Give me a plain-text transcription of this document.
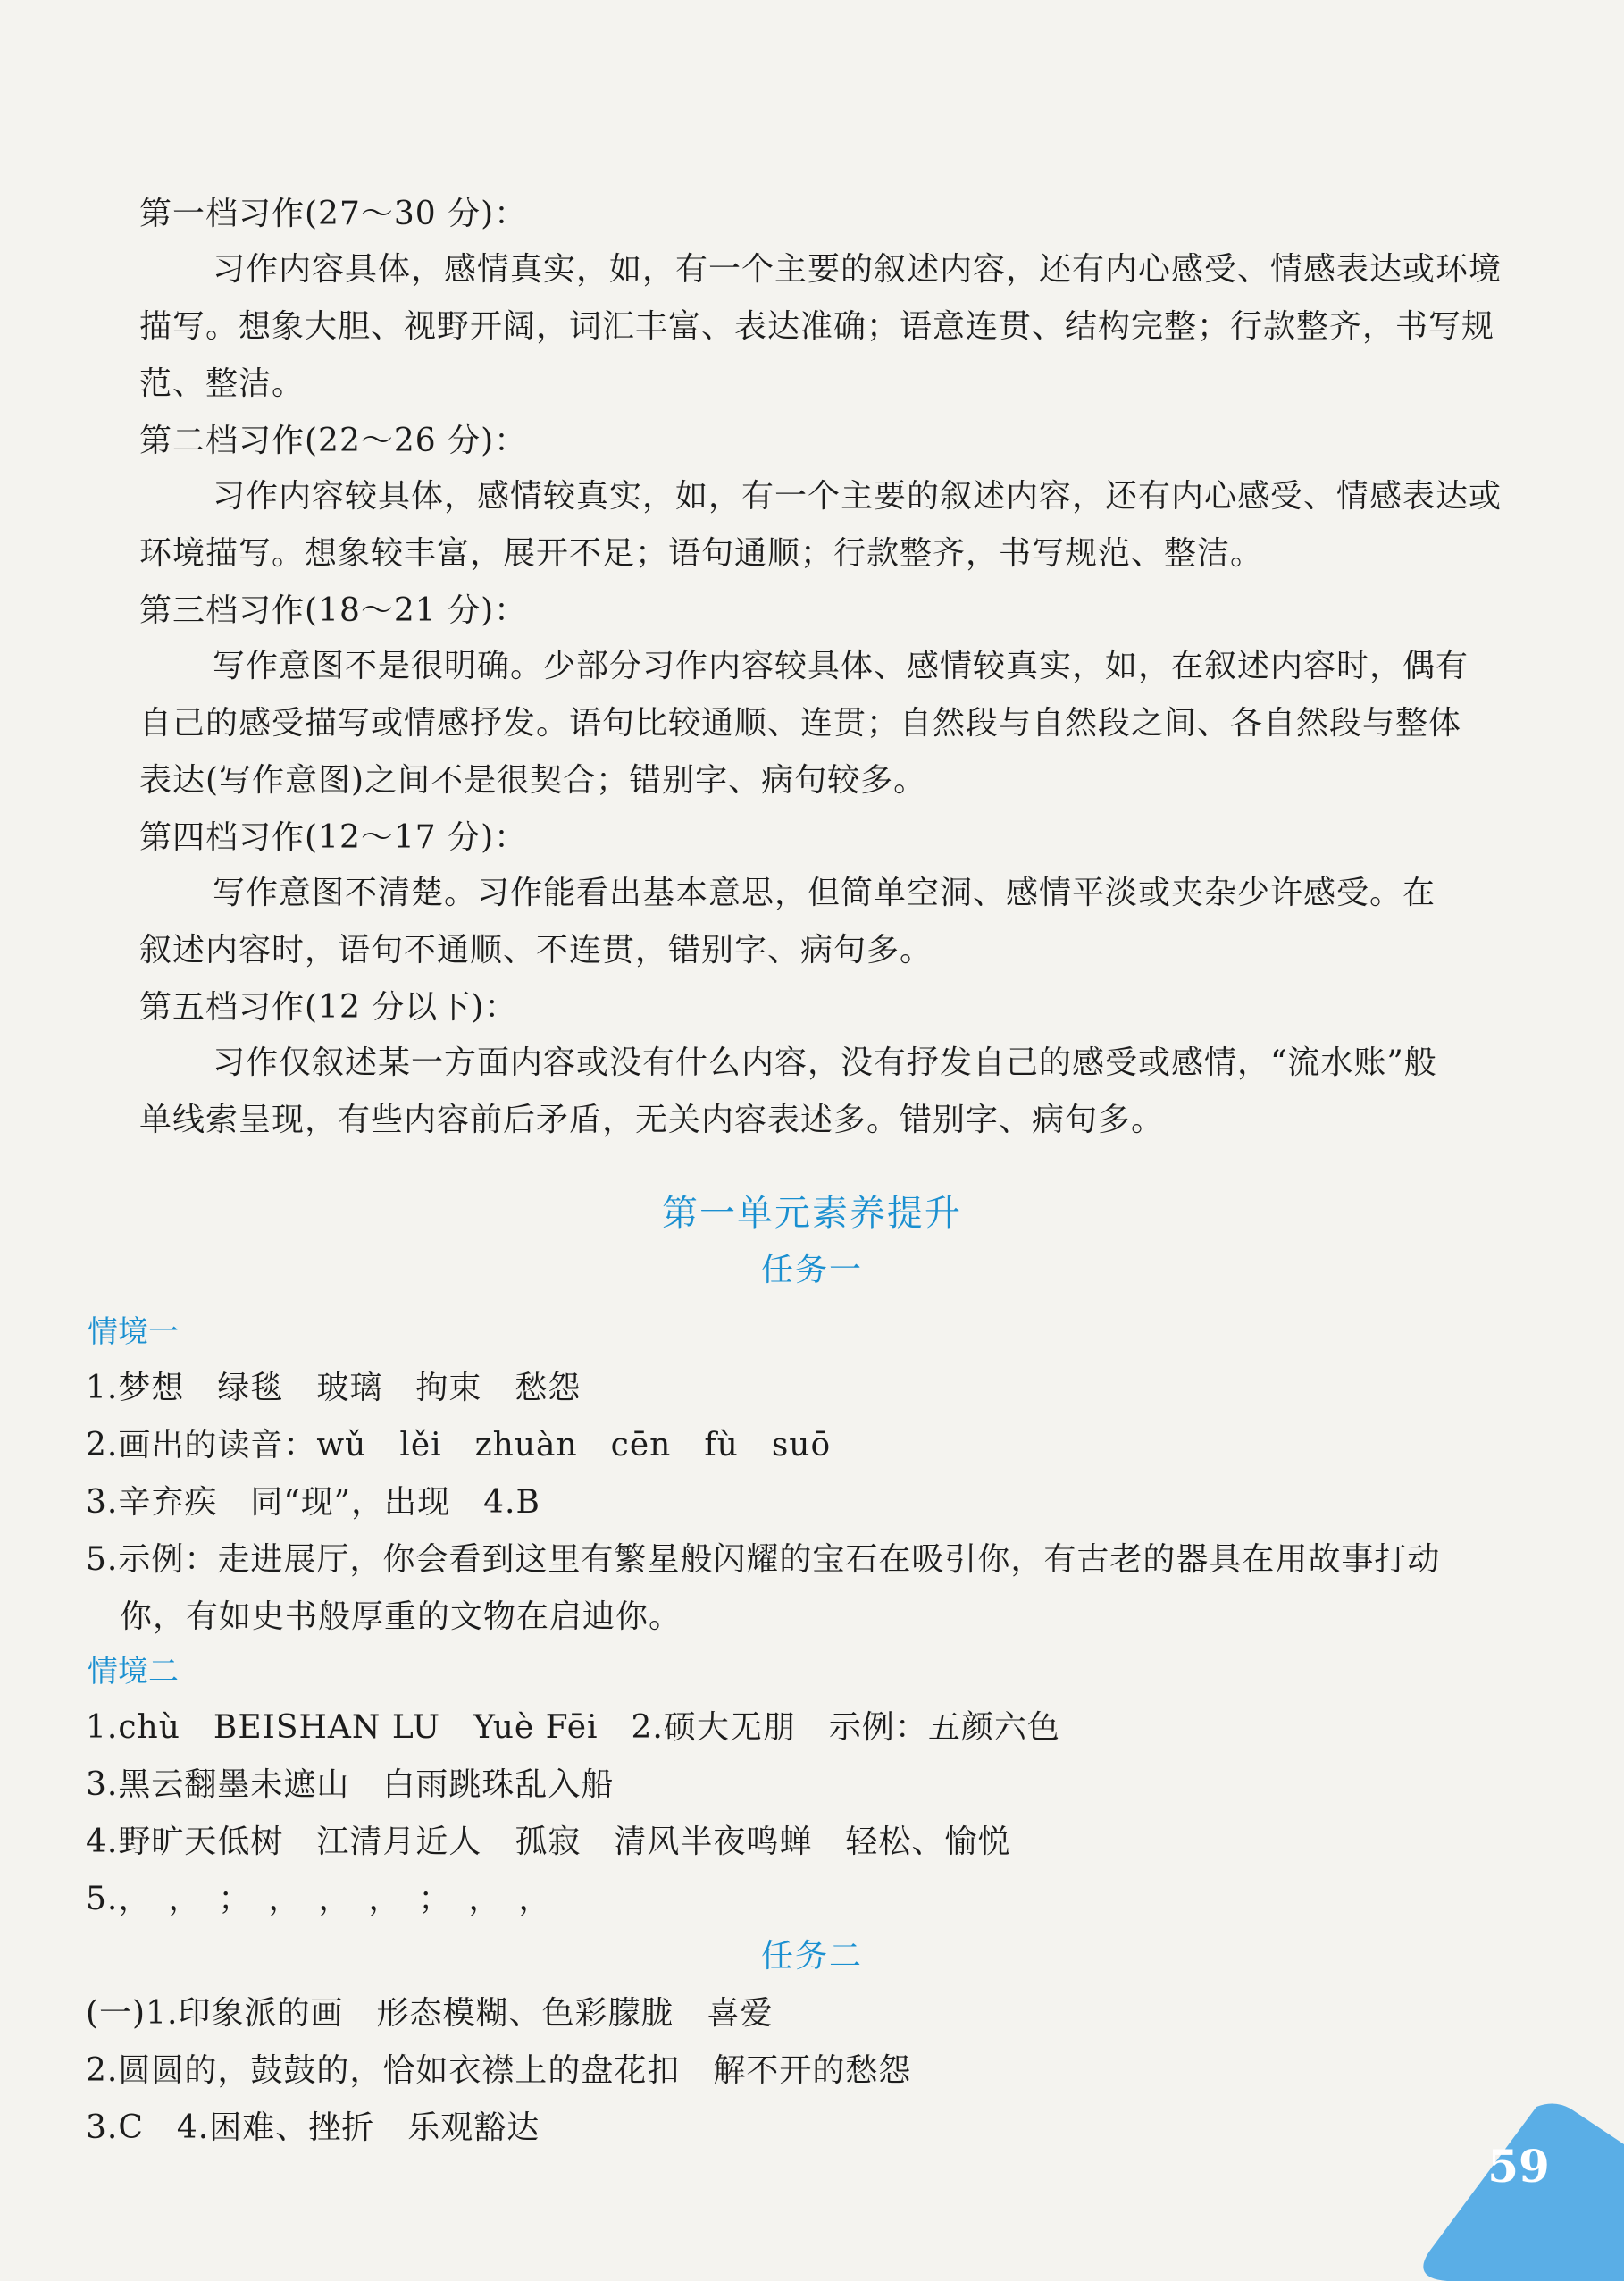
第一档习作(27～30 分)：
习作内容具体，感情真实，如，有一个主要的叙述内容，还有内心感受、情感表达或环境
描写。想象大胆、视野开阔，词汇丰富、表达准确；语意连贯、结构完整；行款整齐，书写规
范、整洁。
第二档习作(22～26 分)：
习作内容较具体，感情较真实，如，有一个主要的叙述内容，还有内心感受、情感表达或
环境描写。想象较丰富，展开不足；语句通顺；行款整齐，书写规范、整洁。
第三档习作(18～21 分)：
写作意图不是很明确。少部分习作内容较具体、感情较真实，如，在叙述内容时，偶有
自己的感受描写或情感抒发。语句比较通顺、连贯；自然段与自然段之间、各自然段与整体
表达(写作意图)之间不是很契合；错别字、病句较多。
第四档习作(12～17 分)：
写作意图不清楚。习作能看出基本意思，但简单空洞、感情平淡或夹杂少许感受。在
叙述内容时，语句不通顺、不连贯，错别字、病句多。
第五档习作(12 分以下)：
习作仅叙述某一方面内容或没有什么内容，没有抒发自己的感受或感情，“流水账”般
单线索呈现，有些内容前后矛盾，无关内容表述多。错别字、病句多。
第一单元素养提升
任务一
情境一
1.梦想　绿毯　玻璃　拘束　愁怨
2.画出的读音：wǔ　lěi　zhuàn　cēn　fù　suō
3.辛弃疾　同“现”，出现　4.B
5.示例：走进展厅，你会看到这里有繁星般闪耀的宝石在吸引你，有古老的器具在用故事打动
你，有如史书般厚重的文物在启迪你。
情境二
1.chù　BEISHAN LU　Yuè Fēi　2.硕大无朋　示例：五颜六色
3.黑云翻墨未遮山　白雨跳珠乱入船
4.野旷天低树　江清月近人　孤寂　清风半夜鸣蝉　轻松、愉悦
5.，　，　；　，　，　，　；　，　，
任务二
(一)1.印象派的画　形态模糊、色彩朦胧　喜爱
2.圆圆的，鼓鼓的，恰如衣襟上的盘花扣　解不开的愁怨
3.C　4.困难、挫折　乐观豁达
59
